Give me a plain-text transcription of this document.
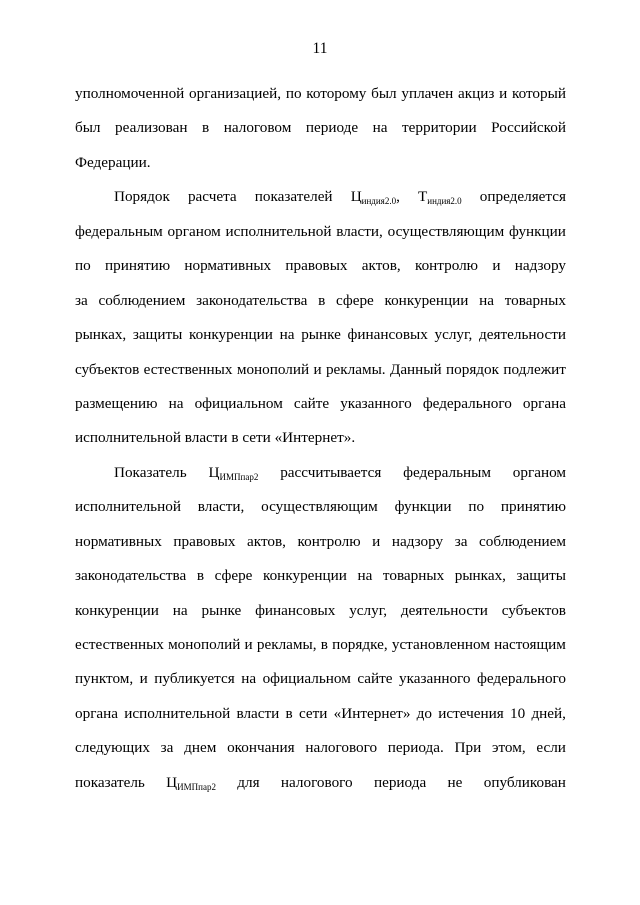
11
уполномоченной организацией, по которому был уплачен акциз и который
был реализован в налоговом периоде на территории Российской
Федерации.
Порядок расчета показателей $Ц_{индия2.0}$, $Т_{индия2.0}$ определяется
федеральным органом исполнительной власти, осуществляющим функции
по принятию нормативных правовых актов, контролю и надзору
за соблюдением законодательства в сфере конкуренции на товарных
рынках, защиты конкуренции на рынке финансовых услуг, деятельности
субъектов естественных монополий и рекламы. Данный порядок подлежит
размещению на официальном сайте указанного федерального органа
исполнительной
власти
в
сети
«Интернет».
Показатель $Ц_{ИМПпар2}$ рассчитывается федеральным органом
исполнительной власти, осуществляющим функции по принятию
нормативных правовых актов, контролю и надзору за соблюдением
законодательства в сфере конкуренции на товарных рынках, защиты
конкуренции на рынке финансовых услуг, деятельности субъектов
естественных монополий и рекламы, в порядке, установленном настоящим
пунктом, и публикуется на официальном сайте указанного федерального
органа исполнительной власти в сети «Интернет» до истечения 10 дней,
следующих за днем окончания налогового периода. При этом, если
показатель $Ц_{ИМПпар2}$ для налогового периода не опубликован
